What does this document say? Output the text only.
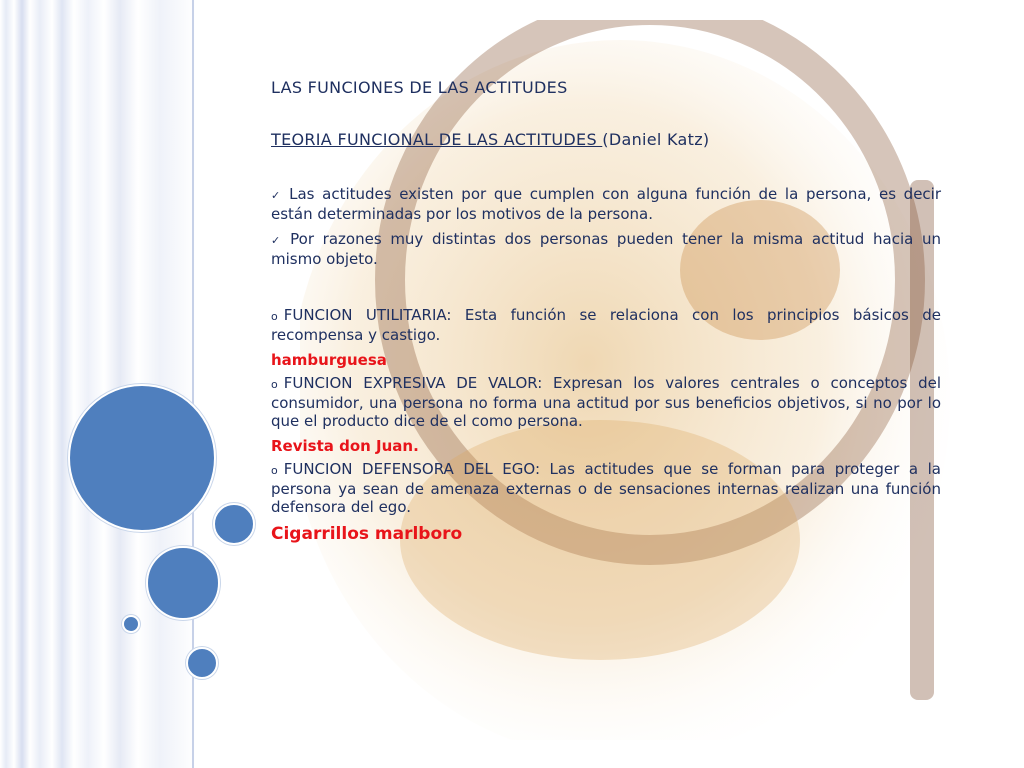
LAS FUNCIONES DE LAS ACTITUDES

TEORIA FUNCIONAL DE LAS ACTITUDES (Daniel Katz)

✓ Las actitudes existen por que cumplen con alguna función de la persona, es decir están determinadas por los motivos de la persona.

✓ Por razones muy distintas dos personas pueden tener la misma actitud hacia un mismo objeto.

o FUNCION UTILITARIA: Esta función se relaciona con los principios básicos de recompensa y castigo.

hamburguesa

o FUNCION EXPRESIVA DE VALOR: Expresan los valores centrales o conceptos del consumidor, una persona no forma una actitud por sus beneficios objetivos, si no por lo que el producto dice de el como persona.

Revista don Juan.

o FUNCION DEFENSORA DEL EGO: Las actitudes que se forman para proteger a la persona ya sean de amenaza externas o de sensaciones internas realizan una función defensora del ego.

Cigarrillos marlboro
